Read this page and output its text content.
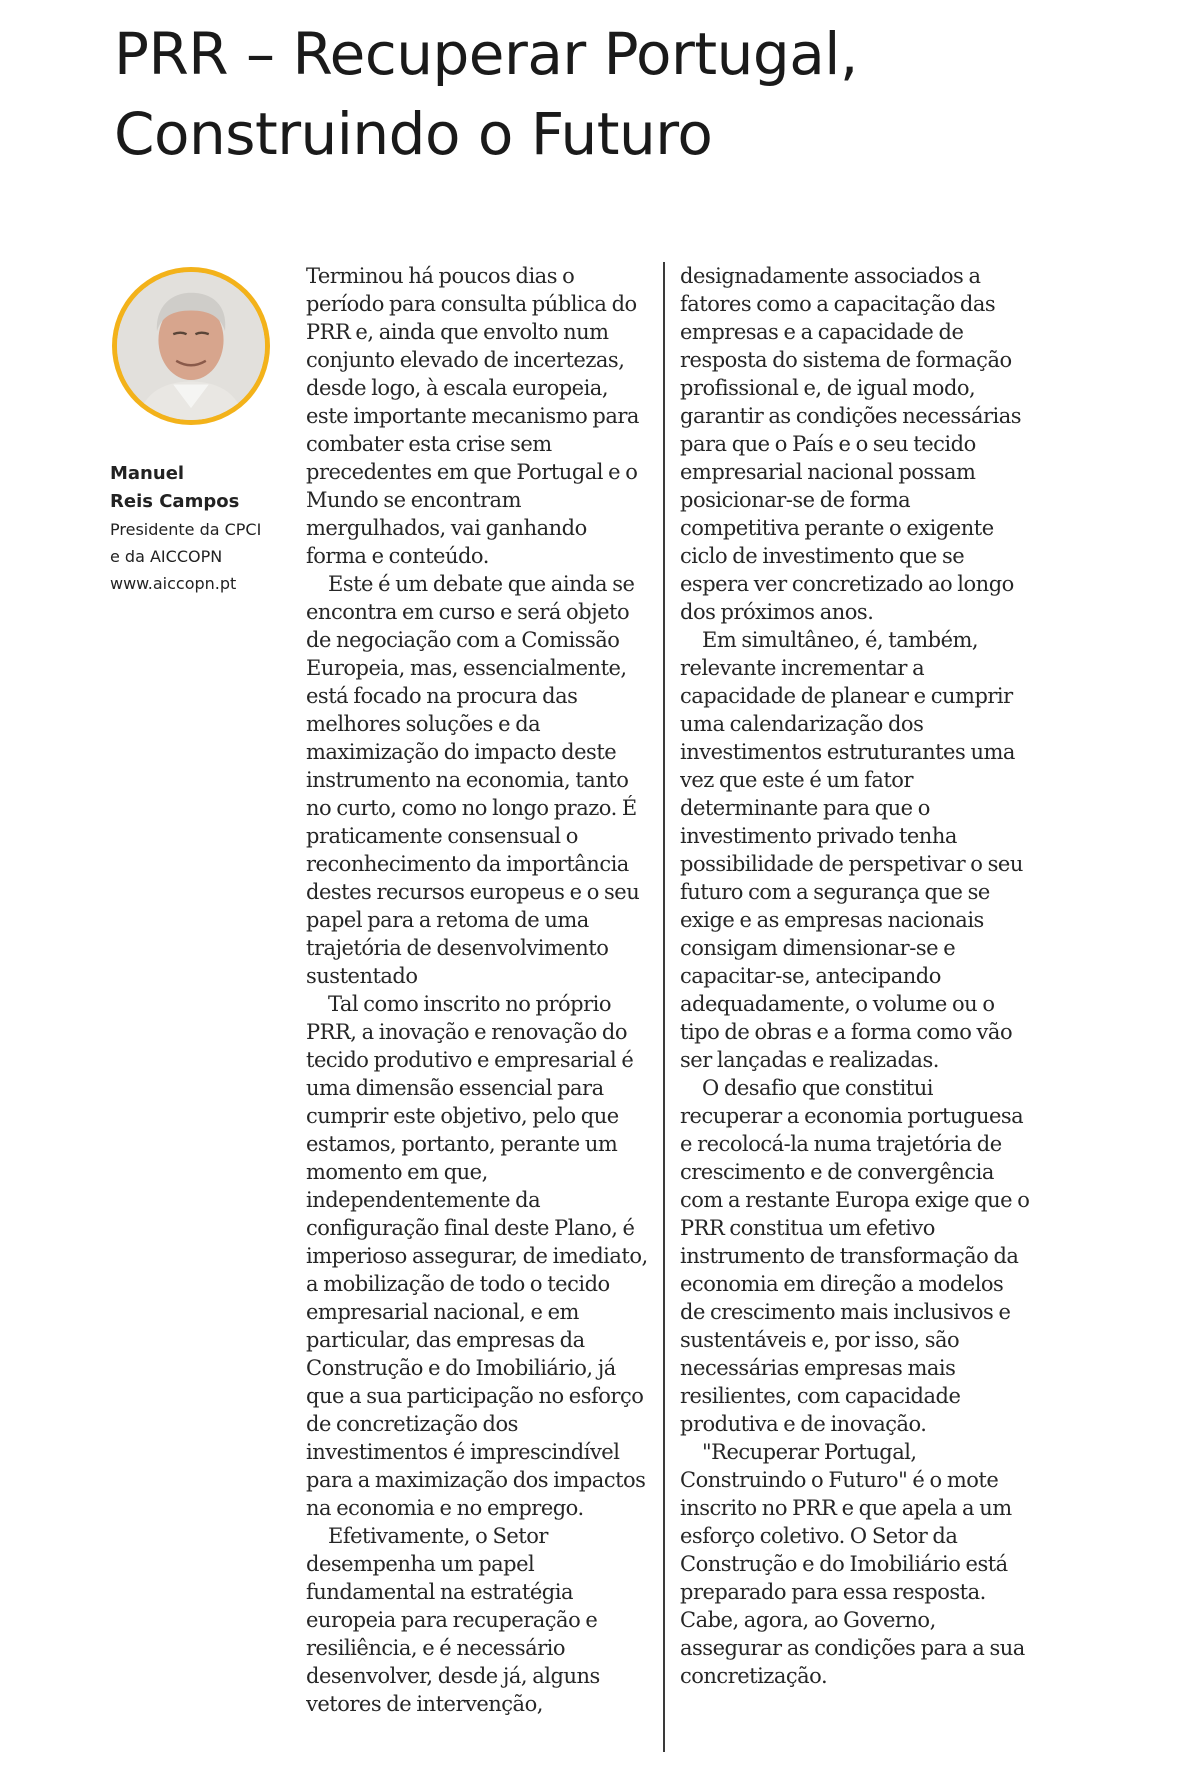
PRR – Recuperar Portugal,
Construindo o Futuro
Manuel
Reis Campos
Presidente da CPCI
e da AICCOPN
www.aiccopn.pt

Terminou há poucos dias o período para consulta pública do PRR e, ainda que envolto num conjunto elevado de incertezas, desde logo, à escala europeia, este importante mecanismo para combater esta crise sem precedentes em que Portugal e o Mundo se encontram mergulhados, vai ganhando forma e conteúdo.

Este é um debate que ainda se encontra em curso e será objeto de negociação com a Comissão Europeia, mas, essencialmente, está focado na procura das melhores soluções e da maximização do impacto deste instrumento na economia, tanto no curto, como no longo prazo. É praticamente consensual o reconhecimento da importância destes recursos europeus e o seu papel para a retoma de uma trajetória de desenvolvimento sustentado

Tal como inscrito no próprio PRR, a inovação e renovação do tecido produtivo e empresarial é uma dimensão essencial para cumprir este objetivo, pelo que estamos, portanto, perante um momento em que, independentemente da configuração final deste Plano, é imperioso assegurar, de imediato, a mobilização de todo o tecido empresarial nacional, e em particular, das empresas da Construção e do Imobiliário, já que a sua participação no esforço de concretização dos investimentos é imprescindível para a maximização dos impactos na economia e no emprego.

Efetivamente, o Setor desempenha um papel fundamental na estratégia europeia para recuperação e resiliência, e é necessário desenvolver, desde já, alguns vetores de intervenção,

designadamente associados a fatores como a capacitação das empresas e a capacidade de resposta do sistema de formação profissional e, de igual modo, garantir as condições necessárias para que o País e o seu tecido empresarial nacional possam posicionar-se de forma competitiva perante o exigente ciclo de investimento que se espera ver concretizado ao longo dos próximos anos.

Em simultâneo, é, também, relevante incrementar a capacidade de planear e cumprir uma calendarização dos investimentos estruturantes uma vez que este é um fator determinante para que o investimento privado tenha possibilidade de perspetivar o seu futuro com a segurança que se exige e as empresas nacionais consigam dimensionar-se e capacitar-se, antecipando adequadamente, o volume ou o tipo de obras e a forma como vão ser lançadas e realizadas.

O desafio que constitui recuperar a economia portuguesa e recolocá-la numa trajetória de crescimento e de convergência com a restante Europa exige que o PRR constitua um efetivo instrumento de transformação da economia em direção a modelos de crescimento mais inclusivos e sustentáveis e, por isso, são necessárias empresas mais resilientes, com capacidade produtiva e de inovação.

"Recuperar Portugal, Construindo o Futuro" é o mote inscrito no PRR e que apela a um esforço coletivo. O Setor da Construção e do Imobiliário está preparado para essa resposta. Cabe, agora, ao Governo, assegurar as condições para a sua concretização.
